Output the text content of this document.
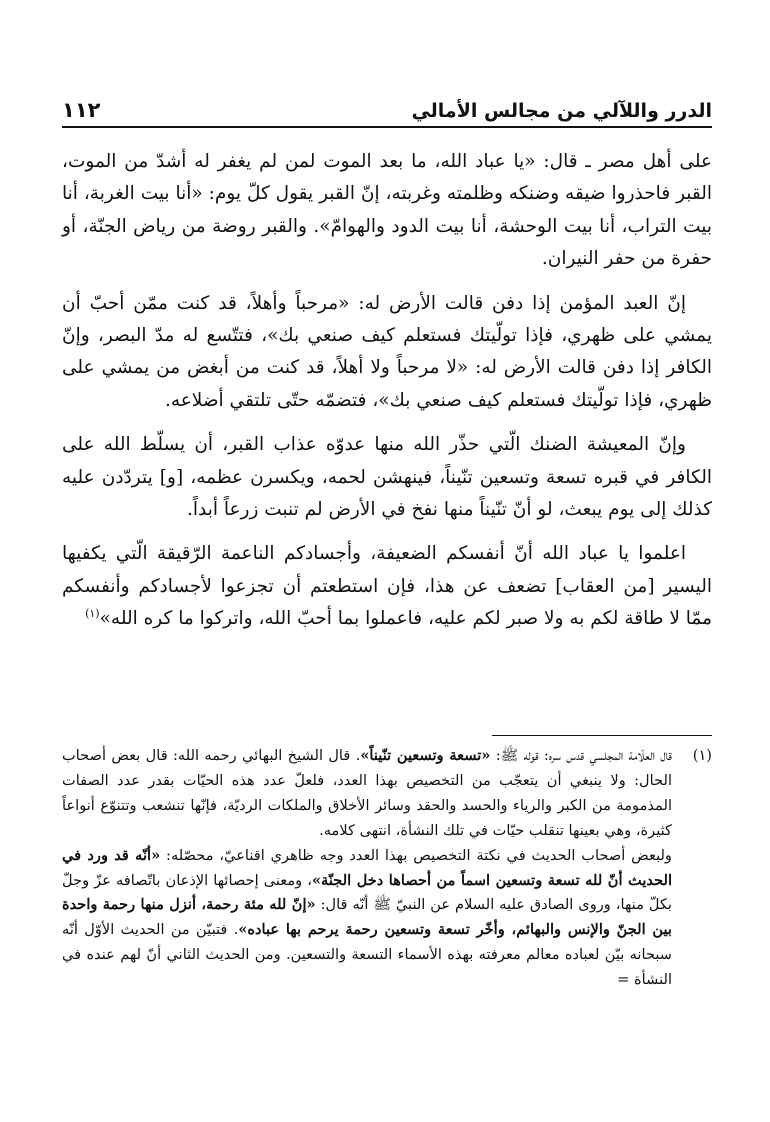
١١٢	الدرر واللآلي من مجالس الأمالي

على أهل مصر ـ قال: «يا عباد الله، ما بعد الموت لمن لم يغفر له أشدّ من الموت، القبر فاحذروا ضيقه وضنكه وظلمته وغربته، إنّ القبر يقول كلّ يوم: «أنا بيت الغربة، أنا بيت التراب، أنا بيت الوحشة، أنا بيت الدود والهوامّ». والقبر روضة من رياض الجنّة، أو حفرة من حفر النيران.

إنّ العبد المؤمن إذا دفن قالت الأرض له: «مرحباً وأهلاً، قد كنت ممّن أحبّ أن يمشي على ظهري، فإذا تولّيتك فستعلم كيف صنعي بك»، فتتّسع له مدّ البصر، وإنّ الكافر إذا دفن قالت الأرض له: «لا مرحباً ولا أهلاً، قد كنت من أبغض من يمشي على ظهري، فإذا تولّيتك فستعلم كيف صنعي بك»، فتضمّه حتّى تلتقي أضلاعه.

وإنّ المعيشة الضنك الّتي حذّر الله منها عدوّه عذاب القبر، أن يسلّط الله على الكافر في قبره تسعة وتسعين تنّيناً، فينهشن لحمه، ويكسرن عظمه، [و] يتردّدن عليه كذلك إلى يوم يبعث، لو أنّ تنّيناً منها نفخ في الأرض لم تنبت زرعاً أبداً.

اعلموا يا عباد الله أنّ أنفسكم الضعيفة، وأجسادكم الناعمة الرّقيقة الّتي يكفيها اليسير [من العقاب] تضعف عن هذا، فإن استطعتم أن تجزعوا لأجسادكم وأنفسكم ممّا لا طاقة لكم به ولا صبر لكم عليه، فاعملوا بما أحبّ الله، واتركوا ما كره الله»$^{(١)}$

(١)

قال العلّامة المجلسي قدس سره: قوله ﷺ: «تسعة وتسعين تنّيناً». قال الشيخ البهائي رحمه الله: قال بعض أصحاب الحال: ولا ينبغي أن يتعجّب من التخصيص بهذا العدد، فلعلّ عدد هذه الحيّات بقدر عدد الصفات المذمومة من الكبر والرياء والحسد والحقد وسائر الأخلاق والملكات الرديّة، فإنّها تنشعب وتتنوّع أنواعاً كثيرة، وهي بعينها تنقلب حيّات في تلك النشأة، انتهى كلامه.

ولبعض أصحاب الحديث في نكتة التخصيص بهذا العدد وجه ظاهري اقناعيّ، محصّله: «أنّه قد ورد في الحديث أنّ لله تسعة وتسعين اسماً من أحصاها دخل الجنّة»، ومعنى إحصائها الإذعان باتّصافه عزّ وجلّ بكلّ منها، وروى الصادق عليه السلام عن النبيّ ﷺ أنّه قال: «إنّ لله مئة رحمة، أنزل منها رحمة واحدة بين الجنّ والإنس والبهائم، وأخّر تسعة وتسعين رحمة يرحم بها عباده». فتبيّن من الحديث الأوّل أنّه سبحانه بيّن لعباده معالم معرفته بهذه الأسماء التسعة والتسعين. ومن الحديث الثاني أنّ لهم عنده في النشأة =
